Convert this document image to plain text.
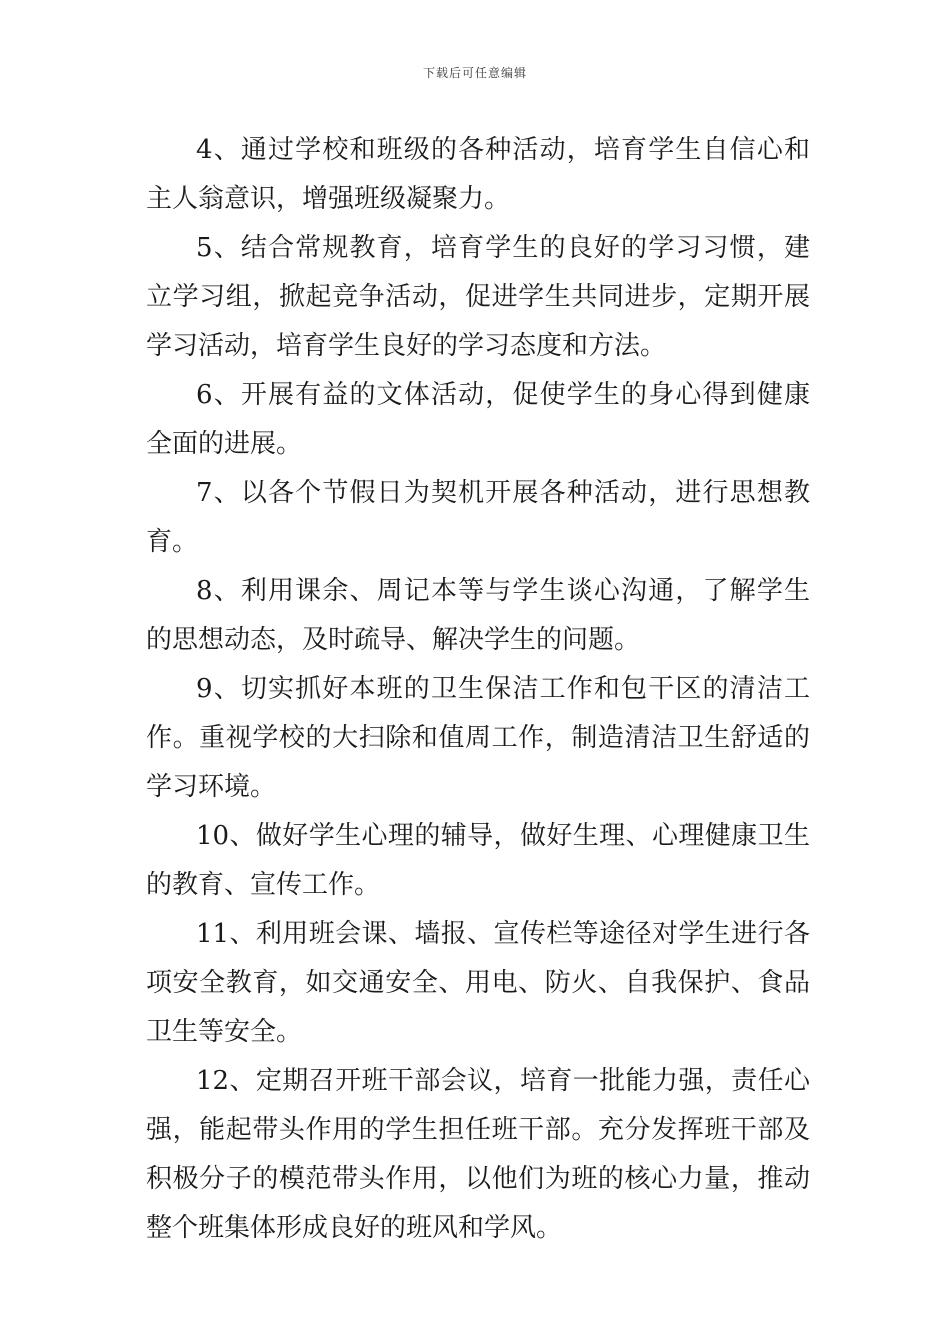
下载后可任意编辑

4、通过学校和班级的各种活动，培育学生自信心和主人翁意识，增强班级凝聚力。

5、结合常规教育，培育学生的良好的学习习惯，建立学习组，掀起竞争活动，促进学生共同进步，定期开展学习活动，培育学生良好的学习态度和方法。

6、开展有益的文体活动，促使学生的身心得到健康全面的进展。

7、以各个节假日为契机开展各种活动，进行思想教育。

8、利用课余、周记本等与学生谈心沟通，了解学生的思想动态，及时疏导、解决学生的问题。

9、切实抓好本班的卫生保洁工作和包干区的清洁工作。重视学校的大扫除和值周工作，制造清洁卫生舒适的学习环境。

10、做好学生心理的辅导，做好生理、心理健康卫生的教育、宣传工作。

11、利用班会课、墙报、宣传栏等途径对学生进行各项安全教育，如交通安全、用电、防火、自我保护、食品卫生等安全。

12、定期召开班干部会议，培育一批能力强，责任心强，能起带头作用的学生担任班干部。充分发挥班干部及积极分子的模范带头作用，以他们为班的核心力量，推动整个班集体形成良好的班风和学风。
